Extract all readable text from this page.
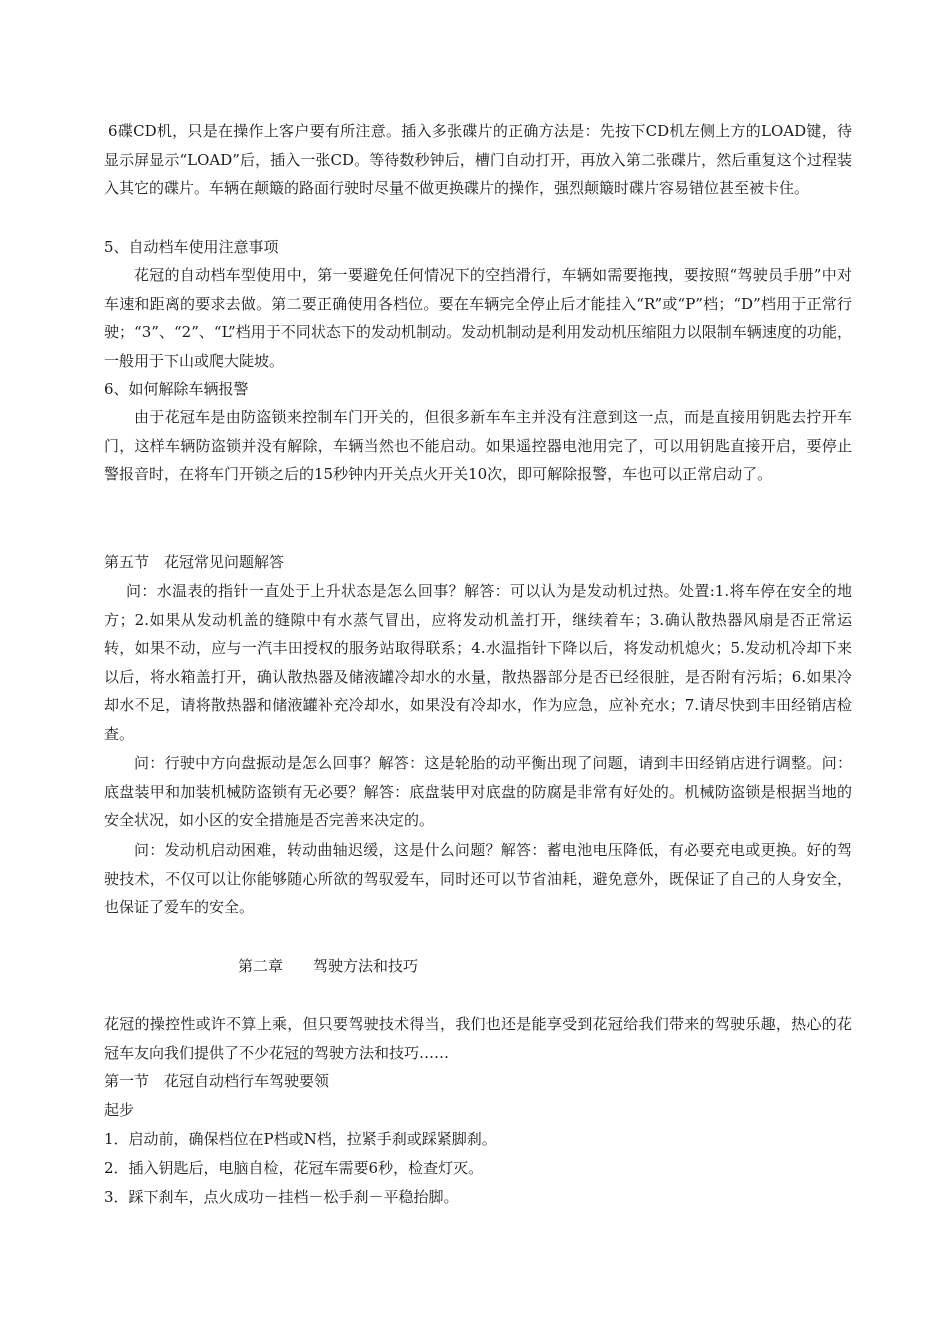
6碟CD机，只是在操作上客户要有所注意。插入多张碟片的正确方法是：先按下CD机左侧上方的LOAD键，待显示屏显示“LOAD”后，插入一张CD。等待数秒钟后，槽门自动打开，再放入第二张碟片，然后重复这个过程装入其它的碟片。车辆在颠簸的路面行驶时尽量不做更换碟片的操作，强烈颠簸时碟片容易错位甚至被卡住。

5、自动档车使用注意事项

花冠的自动档车型使用中，第一要避免任何情况下的空挡滑行，车辆如需要拖拽，要按照“驾驶员手册”中对车速和距离的要求去做。第二要正确使用各档位。要在车辆完全停止后才能挂入“R”或“P”档；“D”档用于正常行驶；“3”、“2”、“L”档用于不同状态下的发动机制动。发动机制动是利用发动机压缩阻力以限制车辆速度的功能，一般用于下山或爬大陡坡。

6、如何解除车辆报警

由于花冠车是由防盗锁来控制车门开关的，但很多新车车主并没有注意到这一点，而是直接用钥匙去拧开车门，这样车辆防盗锁并没有解除，车辆当然也不能启动。如果遥控器电池用完了，可以用钥匙直接开启，要停止警报音时，在将车门开锁之后的15秒钟内开关点火开关10次，即可解除报警，车也可以正常启动了。

第五节　花冠常见问题解答

问：水温表的指针一直处于上升状态是怎么回事？解答：可以认为是发动机过热。处置:1.将车停在安全的地方；2.如果从发动机盖的缝隙中有水蒸气冒出，应将发动机盖打开，继续着车；3.确认散热器风扇是否正常运转，如果不动，应与一汽丰田授权的服务站取得联系；4.水温指针下降以后，将发动机熄火；5.发动机冷却下来以后，将水箱盖打开，确认散热器及储液罐冷却水的水量，散热器部分是否已经很脏，是否附有污垢；6.如果冷却水不足，请将散热器和储液罐补充冷却水，如果没有冷却水，作为应急，应补充水；7.请尽快到丰田经销店检查。

问：行驶中方向盘振动是怎么回事？解答：这是轮胎的动平衡出现了问题，请到丰田经销店进行调整。问：底盘装甲和加装机械防盗锁有无必要？解答：底盘装甲对底盘的防腐是非常有好处的。机械防盗锁是根据当地的安全状况，如小区的安全措施是否完善来决定的。

问：发动机启动困难，转动曲轴迟缓，这是什么问题？解答：蓄电池电压降低，有必要充电或更换。好的驾驶技术，不仅可以让你能够随心所欲的驾驭爱车，同时还可以节省油耗，避免意外，既保证了自己的人身安全，也保证了爱车的安全。

第二章　　驾驶方法和技巧

花冠的操控性或许不算上乘，但只要驾驶技术得当，我们也还是能享受到花冠给我们带来的驾驶乐趣，热心的花冠车友向我们提供了不少花冠的驾驶方法和技巧……

第一节　花冠自动档行车驾驶要领
起步
1．启动前，确保档位在P档或N档，拉紧手刹或踩紧脚刹。
2．插入钥匙后，电脑自检，花冠车需要6秒，检查灯灭。
3．踩下刹车，点火成功－挂档－松手刹－平稳抬脚。
